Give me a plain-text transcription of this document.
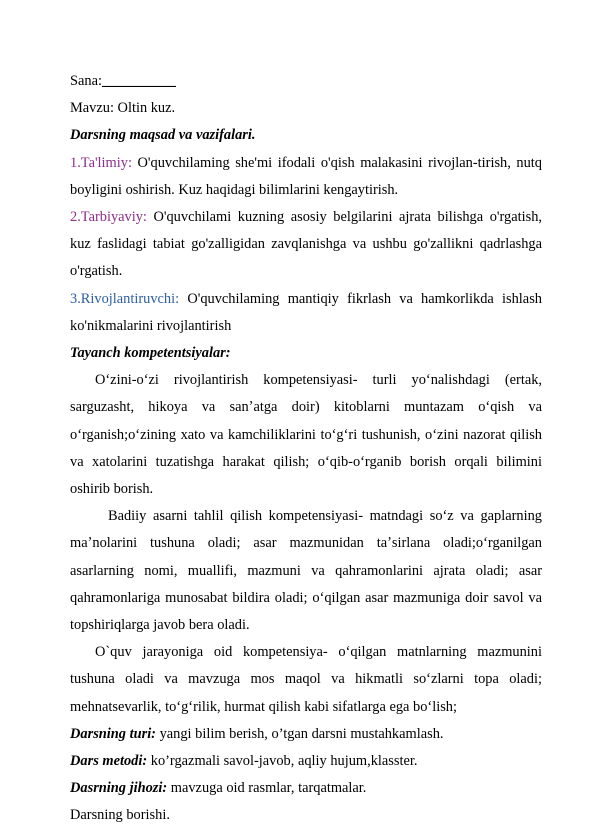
Sana:__________

Mavzu: Oltin kuz.

Darsning maqsad va vazifalari.

1.Ta'limiy: O'quvchilaming she'mi ifodali o'qish malakasini rivojlan-tirish, nutq boyligini oshirish. Kuz haqidagi bilimlarini kengaytirish.

2.Tarbiyaviy: O'quvchilami kuzning asosiy belgilarini ajrata bilishga o'rgatish, kuz faslidagi tabiat go'zalligidan zavqlanishga va ushbu go'zallikni qadrlashga o'rgatish.

3.Rivojlantiruvchi: O'quvchilaming mantiqiy fikrlash va hamkorlikda ishlash ko'nikmalarini rivojlantirish

Tayanch kompetentsiyalar:

Oʻzini-oʻzi rivojlantirish kompetensiyasi- turli yoʻnalishdagi (ertak, sarguzasht, hikoya va sanʼatga doir) kitoblarni muntazam oʻqish va oʻrganish;oʻzining xato va kamchiliklarini toʻgʻri tushunish, oʻzini nazorat qilish va xatolarini tuzatishga harakat qilish; oʻqib-oʻrganib borish orqali bilimini oshirib borish.

Badiiy asarni tahlil qilish kompetensiyasi- matndagi soʻz va gaplarning maʼnolarini tushuna oladi; asar mazmunidan taʼsirlana oladi;oʻrganilgan asarlarning nomi, muallifi, mazmuni va qahramonlarini ajrata oladi; asar qahramonlariga munosabat bildira oladi; oʻqilgan asar mazmuniga doir savol va topshiriqlarga javob bera oladi.

O`quv jarayoniga oid kompetensiya- oʻqilgan matnlarning mazmunini tushuna oladi va mavzuga mos maqol va hikmatli soʻzlarni topa oladi; mehnatsevarlik, toʻgʻrilik, hurmat qilish kabi sifatlarga ega boʻlish;

Darsning turi: yangi bilim berish, o’tgan darsni mustahkamlash.

Dars metodi: ko’rgazmali savol-javob, aqliy hujum,klasster.

Dasrning jihozi: mavzuga oid rasmlar, tarqatmalar.

Darsning borishi.
